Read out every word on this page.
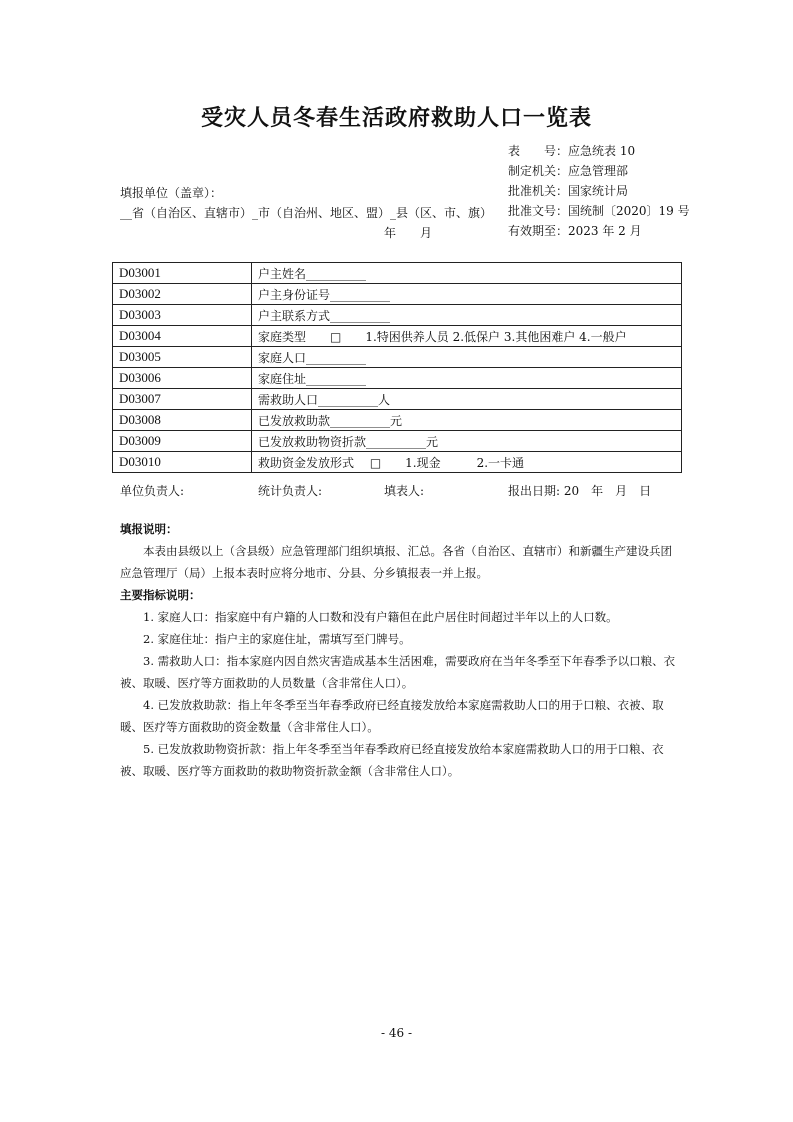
受灾人员冬春生活政府救助人口一览表
表　　号：应急统表 10
制定机关：应急管理部
批准机关：国家统计局
批准文号：国统制〔2020〕19 号
有效期至：2023 年 2 月
填报单位（盖章）：
__省（自治区、直辖市）_市（自治州、地区、盟）_县（区、市、旗）
年　　月
D03001	户主姓名__________
D03002	户主身份证号__________
D03003	户主联系方式__________
D03004	家庭类型　　□　　1.特困供养人员 2.低保户 3.其他困难户 4.一般户
D03005	家庭人口__________
D03006	家庭住址__________
D03007	需救助人口__________人
D03008	已发放救助款__________元
D03009	已发放救助物资折款__________元
D03010	救助资金发放形式　 □　　1.现金　　　2.一卡通
单位负责人:	统计负责人:	填表人:	报出日期: 20　年　月　日
填报说明：
本表由县级以上（含县级）应急管理部门组织填报、汇总。各省（自治区、直辖市）和新疆生产建设兵团应急管理厅（局）上报本表时应将分地市、分县、分乡镇报表一并上报。
主要指标说明：
1. 家庭人口：指家庭中有户籍的人口数和没有户籍但在此户居住时间超过半年以上的人口数。
2. 家庭住址：指户主的家庭住址，需填写至门牌号。
3. 需救助人口：指本家庭内因自然灾害造成基本生活困难，需要政府在当年冬季至下年春季予以口粮、衣被、取暖、医疗等方面救助的人员数量（含非常住人口）。
4. 已发放救助款：指上年冬季至当年春季政府已经直接发放给本家庭需救助人口的用于口粮、衣被、取暖、医疗等方面救助的资金数量（含非常住人口）。
5. 已发放救助物资折款：指上年冬季至当年春季政府已经直接发放给本家庭需救助人口的用于口粮、衣被、取暖、医疗等方面救助的救助物资折款金额（含非常住人口）。
- 46 -
